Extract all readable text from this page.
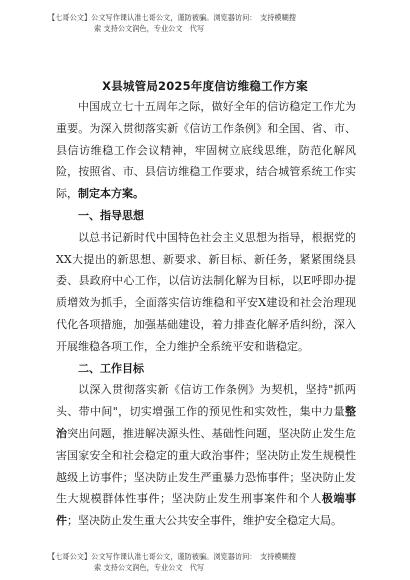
【七哥公文】公文写作课认准七哥公文，谨防被骗。浏览器访问：　支持模糊搜
索 支持公文润色，专业公文　代写
X县城管局2025年度信访维稳工作方案

中国成立七十五周年之际，做好全年的信访稳定工作尤为重要。为深入贯彻落实新《信访工作条例》和全国、省、市、县信访维稳工作会议精神，牢固树立底线思维，防范化解风险，按照省、市、县信访维稳工作要求，结合城管系统工作实际，制定本方案。

一、指导思想

以总书记新时代中国特色社会主义思想为指导，根据党的XX大提出的新思想、新要求、新目标、新任务，紧紧围绕县委、县政府中心工作，以信访法制化解为目标，以E呼即办提质增效为抓手，全面落实信访维稳和平安X建设和社会治理现代化各项措施，加强基础建设，着力排查化解矛盾纠纷，深入开展维稳各项工作，全力维护全系统平安和谐稳定。

二、工作目标

以深入贯彻落实新《信访工作条例》为契机，坚持"抓两头、带中间"，切实增强工作的预见性和实效性，集中力量整治突出问题，推进解决源头性、基础性问题，坚决防止发生危害国家安全和社会稳定的重大政治事件；坚决防止发生规模性越级上访事件；坚决防止发生严重暴力恐怖事件；坚决防止发生大规模群体性事件；坚决防止发生刑事案件和个人极端事件；坚决防止发生重大公共安全事件，维护安全稳定大局。

【七哥公文】公文写作课认准七哥公文，谨防被骗。浏览器访问：　支持模糊搜
索 支持公文润色，专业公文　代写
